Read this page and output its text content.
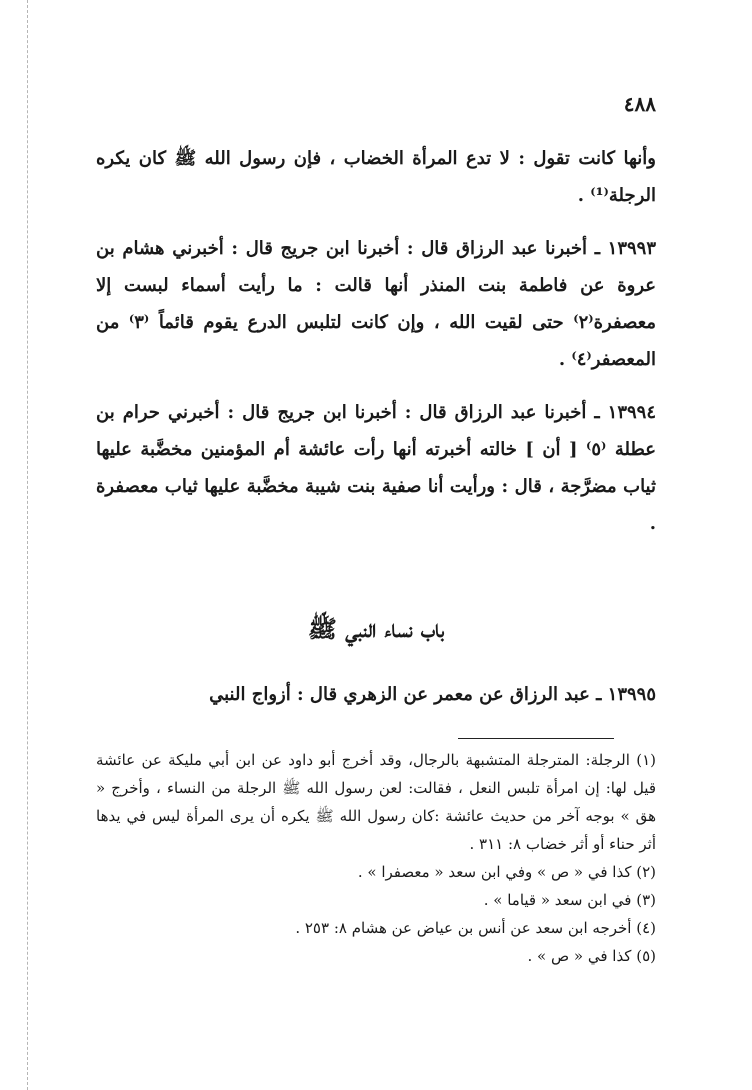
٤٨٨

وأنها كانت تقول : لا تدع المرأة الخضاب ، فإن رسول الله ﷺ كان يكره الرجلة⁽¹⁾ .

١٣٩٩٣ ـ أخبرنا عبد الرزاق قال : أخبرنا ابن جريج قال : أخبرني هشام بن عروة عن فاطمة بنت المنذر أنها قالت : ما رأيت أسماء لبست إلا معصفرة⁽٢⁾ حتى لقيت الله ، وإن كانت لتلبس الدرع يقوم قائماً ⁽٣⁾ من المعصفر⁽٤⁾ .

١٣٩٩٤ ـ أخبرنا عبد الرزاق قال : أخبرنا ابن جريج قال : أخبرني حرام بن عطلة ⁽٥⁾ [ أن ] خالته أخبرته أنها رأت عائشة أم المؤمنين مخضَّبة عليها ثياب مضرَّجة ، قال : ورأيت أنا صفية بنت شيبة مخضَّبة عليها ثياب معصفرة .

باب نساء النبي ﷺ
١٣٩٩٥ ـ عبد الرزاق عن معمر عن الزهري قال : أزواج النبي

(١) الرجلة: المترجلة المتشبهة بالرجال، وقد أخرج أبو داود عن ابن أبي مليكة عن عائشة قيل لها: إن امرأة تلبس النعل ، فقالت: لعن رسول الله ﷺ الرجلة من النساء ، وأخرج « هق » بوجه آخر من حديث عائشة :كان رسول الله ﷺ يكره أن يرى المرأة ليس في يدها أثر حناء أو أثر خضاب ٨: ٣١١ .

(٢) كذا في « ص » وفي ابن سعد « معصفرا » .

(٣) في ابن سعد « قياما » .

(٤) أخرجه ابن سعد عن أنس بن عياض عن هشام ٨: ٢٥٣ .

(٥) كذا في « ص » .
